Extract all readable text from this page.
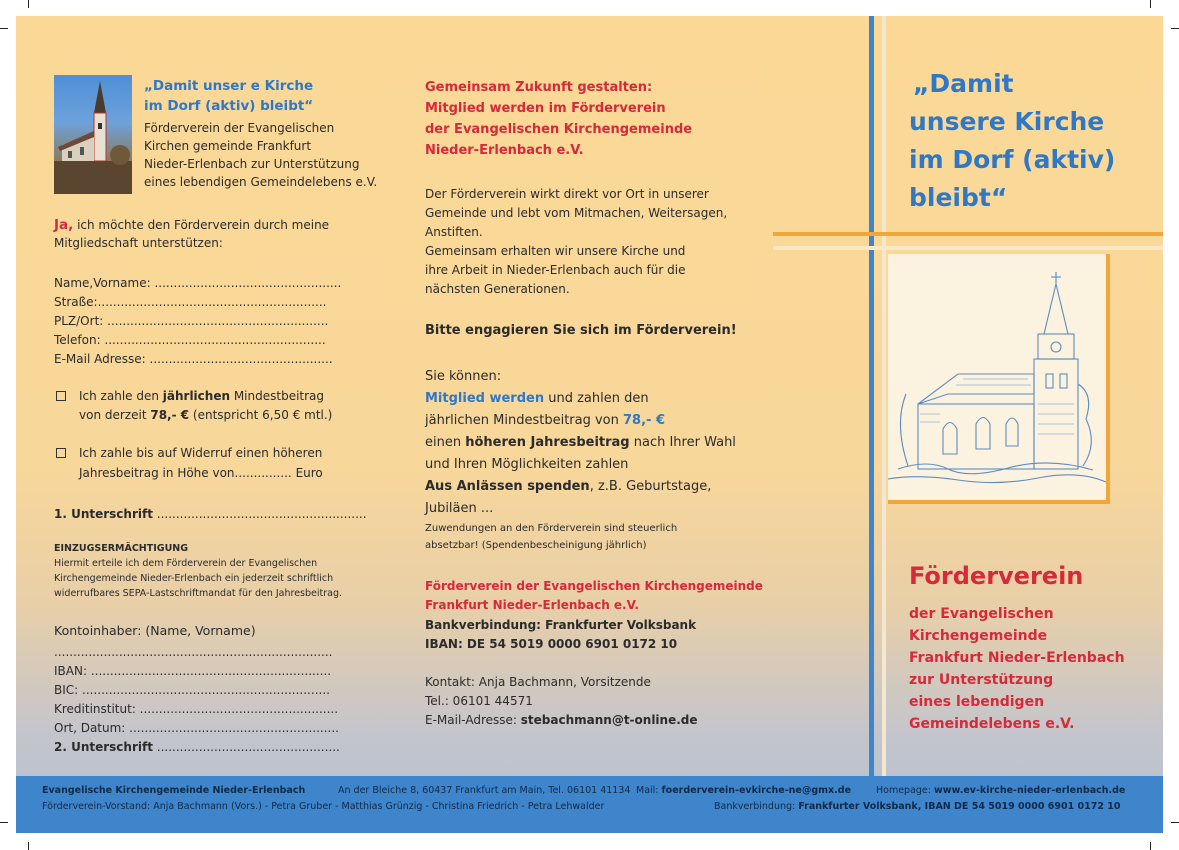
„Damit unser e Kirche
im Dorf (aktiv) bleibt“
Förderverein der Evangelischen
Kirchen gemeinde Frankfurt
Nieder-Erlenbach zur Unterstützung
eines lebendigen Gemeindelebens e.V.
Ja, ich möchte den Förderverein durch meine
Mitgliedschaft unterstützen:
Name,Vorname: .................................................
Straße:............................................................
PLZ/Ort: ..........................................................
Telefon: ..........................................................
E-Mail Adresse: ................................................
Ich zahle den jährlichen Mindestbeitrag
von derzeit 78,- € (entspricht 6,50 € mtl.)
Ich zahle bis auf Widerruf einen höheren
Jahresbeitrag in Höhe von............... Euro
1. Unterschrift .......................................................
EINZUGSERMÄCHTIGUNG
Hiermit erteile ich dem Förderverein der Evangelischen
Kirchengemeinde Nieder-Erlenbach ein jederzeit schriftlich
widerrufbares SEPA-Lastschriftmandat für den Jahresbeitrag.
Kontoinhaber: (Name, Vorname)
.........................................................................
IBAN: ...............................................................
BIC: .................................................................
Kreditinstitut: ....................................................
Ort, Datum: .......................................................
2. Unterschrift ................................................
Gemeinsam Zukunft gestalten:
Mitglied werden im Förderverein
der Evangelischen Kirchengemeinde
Nieder-Erlenbach e.V.
Der Förderverein wirkt direkt vor Ort in unserer
Gemeinde und lebt vom Mitmachen, Weitersagen,
Anstiften.
Gemeinsam erhalten wir unsere Kirche und
ihre Arbeit in Nieder-Erlenbach auch für die
nächsten Generationen.
Bitte engagieren Sie sich im Förderverein!
Sie können:
Mitglied werden und zahlen den
jährlichen Mindestbeitrag von 78,- €
einen höheren Jahresbeitrag nach Ihrer Wahl
und Ihren Möglichkeiten zahlen
Aus Anlässen spenden, z.B. Geburtstage,
Jubiläen ...
Zuwendungen an den Förderverein sind steuerlich
absetzbar! (Spendenbescheinigung jährlich)
Förderverein der Evangelischen Kirchengemeinde
Frankfurt Nieder-Erlenbach e.V.
Bankverbindung: Frankfurter Volksbank
IBAN: DE 54 5019 0000 6901 0172 10
Kontakt: Anja Bachmann, Vorsitzende
Tel.: 06101 44571
E-Mail-Adresse: stebachmann@t-online.de
„Damit
unsere Kirche
im Dorf (aktiv)
bleibt“
Förderverein
der Evangelischen
Kirchengemeinde
Frankfurt Nieder-Erlenbach
zur Unterstützung
eines lebendigen
Gemeindelebens e.V.
Evangelische Kirchengemeinde Nieder-Erlenbach	An der Bleiche 8, 60437 Frankfurt am Main, Tel. 06101 41134 Mail: foerderverein-evkirche-ne@gmx.de	Homepage: www.ev-kirche-nieder-erlenbach.de
Förderverein-Vorstand: Anja Bachmann (Vors.) - Petra Gruber - Matthias Grünzig - Christina Friedrich - Petra Lehwalder	Bankverbindung: Frankfurter Volksbank, IBAN DE 54 5019 0000 6901 0172 10
